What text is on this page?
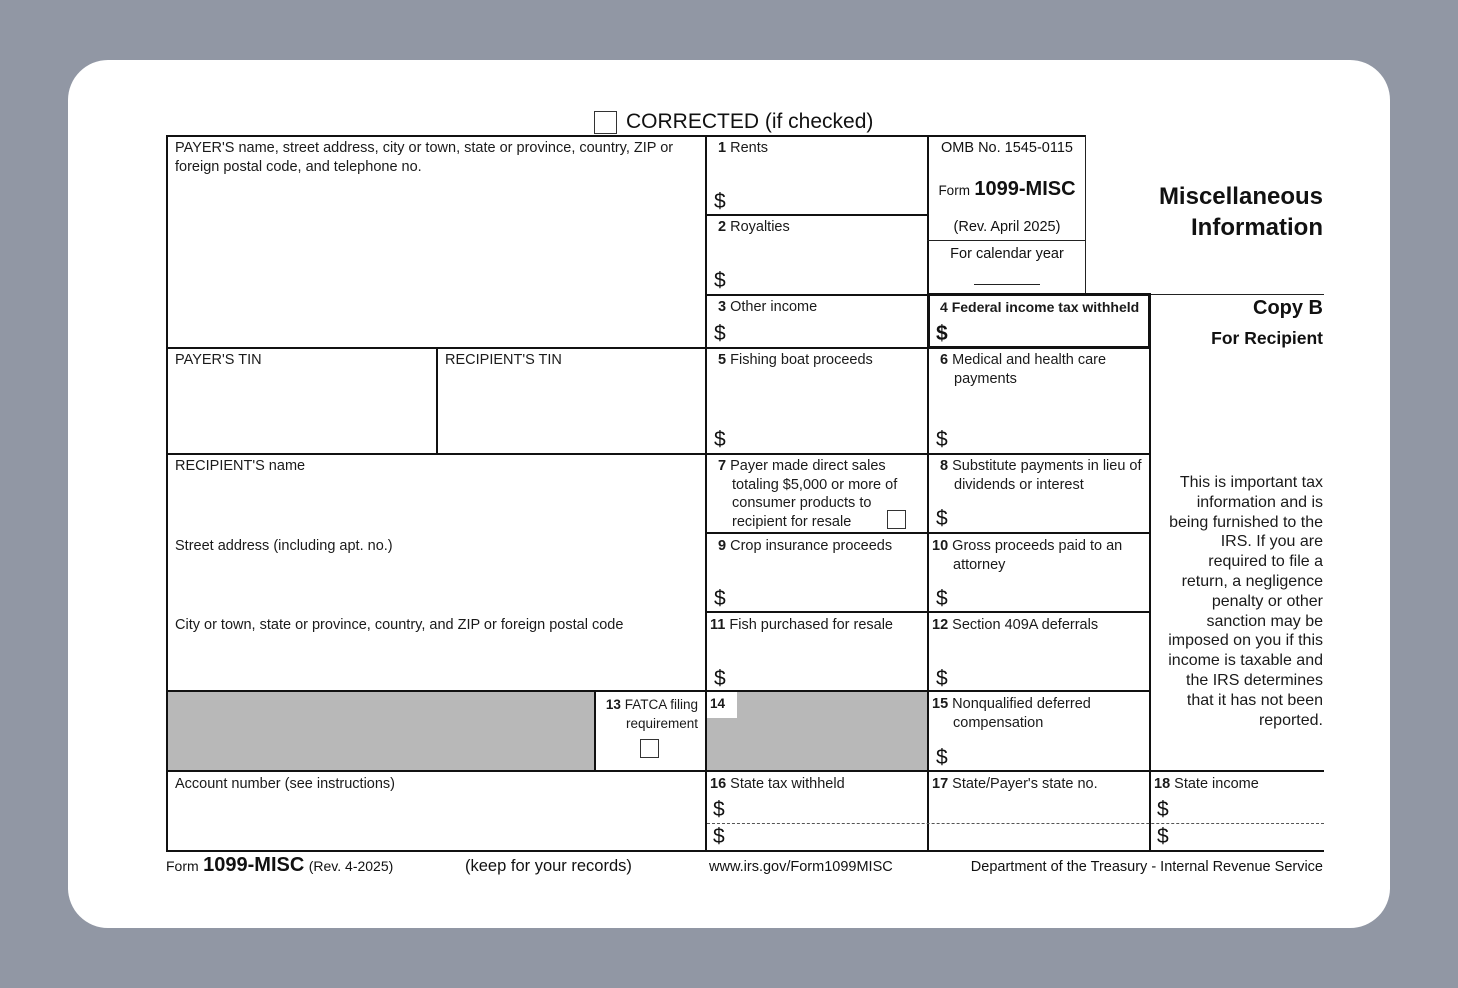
CORRECTED (if checked)
PAYER'S name, street address, city or town, state or province, country, ZIP or foreign postal code, and telephone no.
PAYER'S TIN	RECIPIENT'S TIN
RECIPIENT'S name
Street address (including apt. no.)
City or town, state or province, country, and ZIP or foreign postal code
13 FATCA filing
requirement
Account number (see instructions)
1 Rents
$
2 Royalties
$
3 Other income
$
5 Fishing boat proceeds
$
7 Payer made direct sales totaling $5,000 or more of consumer products to recipient for resale
9 Crop insurance proceeds
$
11 Fish purchased for resale
$
14
16 State tax withheld
$
$
OMB No. 1545-0115
Form 1099-MISC
(Rev. April 2025)
For calendar year
4 Federal income tax withheld
$
6 Medical and health care payments
$
8 Substitute payments in lieu of dividends or interest
$
10 Gross proceeds paid to an attorney
$
12 Section 409A deferrals
$
15 Nonqualified deferred compensation
$
17 State/Payer's state no.
Miscellaneous
Information
Copy B
For Recipient
This is important tax information and is being furnished to the IRS. If you are required to file a return, a negligence penalty or other sanction may be imposed on you if this income is taxable and the IRS determines that it has not been reported.
18 State income
$
$
Form 1099-MISC (Rev. 4-2025)	(keep for your records)	www.irs.gov/Form1099MISC	Department of the Treasury - Internal Revenue Service
